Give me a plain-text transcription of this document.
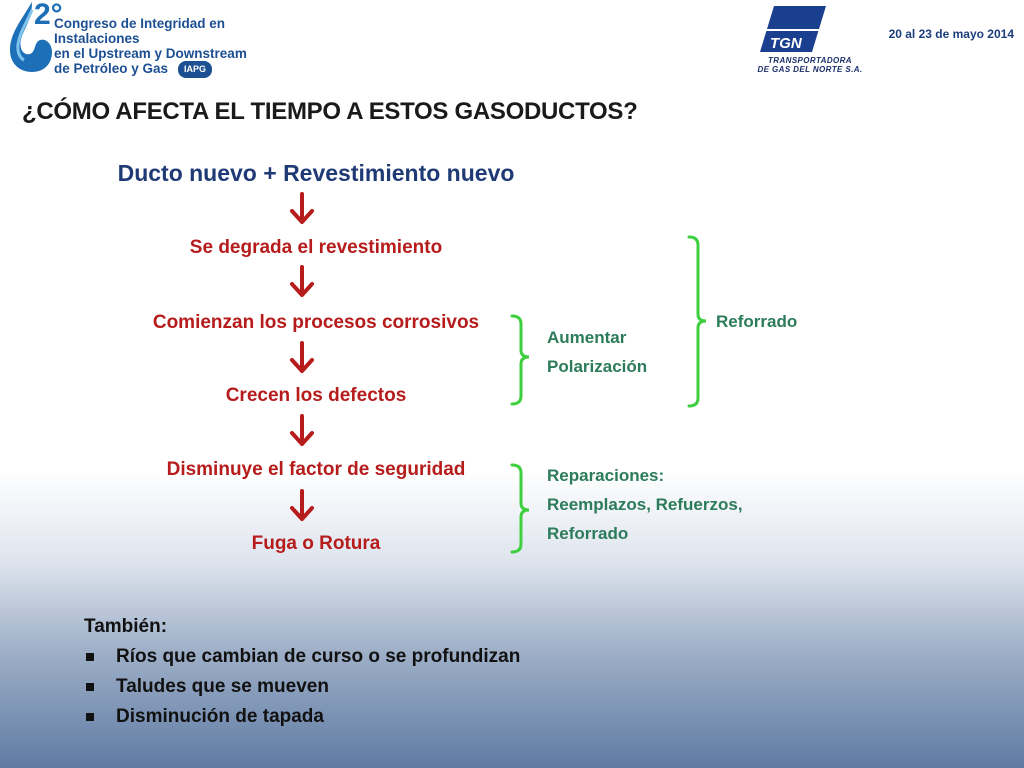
2°
Congreso de Integridad en Instalaciones
en el Upstream y Downstream
de Petróleo y Gas IAPG
TGN
TRANSPORTADORA
DE GAS DEL NORTE S.A.
20 al 23 de mayo 2014
¿CÓMO AFECTA EL TIEMPO A ESTOS GASODUCTOS?
Ducto nuevo + Revestimiento nuevo
Se degrada el revestimiento
Comienzan los procesos corrosivos
Crecen los defectos
Disminuye el factor de seguridad
Fuga o Rotura
Reforrado
Aumentar
Polarización
Reparaciones:
Reemplazos, Refuerzos,
Reforrado
También:
Ríos que cambian de curso o se profundizan
Taludes que se mueven
Disminución de tapada
